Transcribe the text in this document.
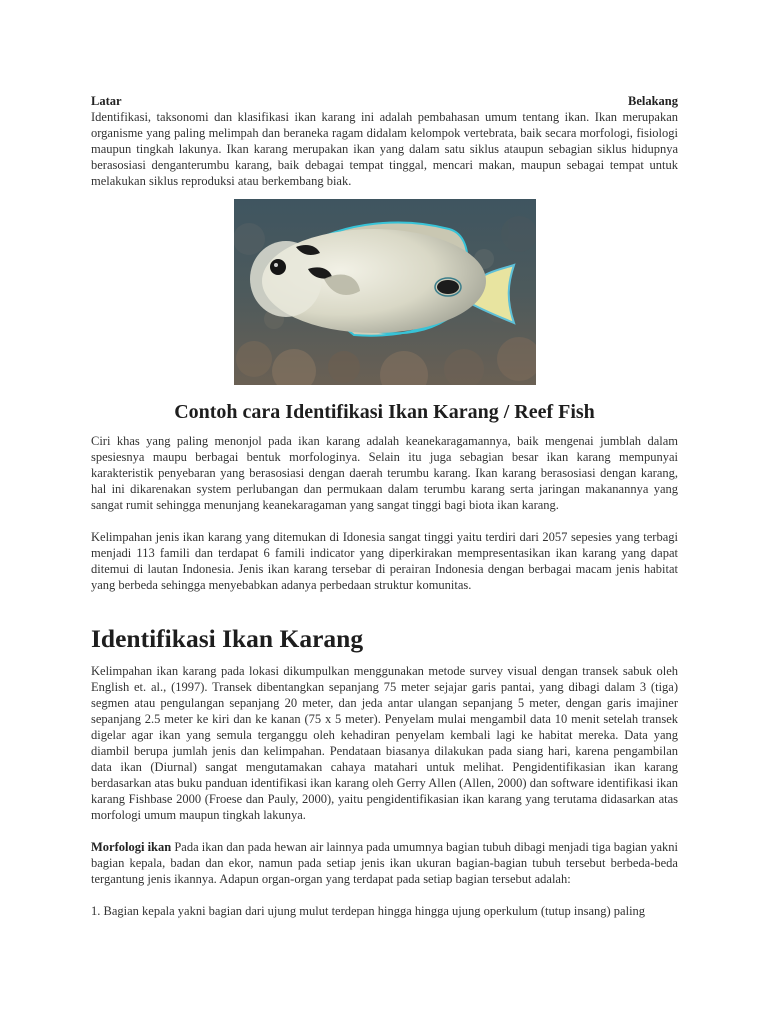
Latar	Belakang

Identifikasi, taksonomi dan klasifikasi ikan karang ini adalah pembahasan umum tentang ikan. Ikan merupakan organisme yang paling melimpah dan beraneka ragam didalam kelompok vertebrata, baik secara morfologi, fisiologi maupun tingkah lakunya. Ikan karang merupakan ikan yang dalam satu siklus ataupun sebagian siklus hidupnya berasosiasi denganterumbu karang, baik debagai tempat tinggal, mencari makan, maupun sebagai tempat untuk melakukan siklus reproduksi atau berkembang biak.

Contoh cara Identifikasi Ikan Karang / Reef Fish

Ciri khas yang paling menonjol pada ikan karang adalah keanekaragamannya, baik mengenai jumblah dalam spesiesnya maupu berbagai bentuk morfologinya. Selain itu juga sebagian besar ikan karang mempunyai karakteristik penyebaran yang berasosiasi dengan daerah terumbu karang. Ikan karang berasosiasi dengan karang, hal ini dikarenakan system perlubangan dan permukaan dalam terumbu karang serta jaringan makanannya yang sangat rumit sehingga menunjang keanekaragaman yang sangat tinggi bagi biota ikan karang.

Kelimpahan jenis ikan karang yang ditemukan di Idonesia sangat tinggi yaitu terdiri dari 2057 sepesies yang terbagi menjadi 113 famili dan terdapat 6 famili indicator yang diperkirakan mempresentasikan ikan karang yang dapat ditemui di lautan Indonesia. Jenis ikan karang tersebar di perairan Indonesia dengan berbagai macam jenis habitat yang berbeda sehingga menyebabkan adanya perbedaan struktur komunitas.

Identifikasi Ikan Karang

Kelimpahan ikan karang pada lokasi dikumpulkan menggunakan metode survey visual dengan transek sabuk oleh English et. al., (1997). Transek dibentangkan sepanjang 75 meter sejajar garis pantai, yang dibagi dalam 3 (tiga) segmen atau pengulangan sepanjang 20 meter, dan jeda antar ulangan sepanjang 5 meter, dengan garis imajiner sepanjang 2.5 meter ke kiri dan ke kanan (75 x 5 meter). Penyelam mulai mengambil data 10 menit setelah transek digelar agar ikan yang semula terganggu oleh kehadiran penyelam kembali lagi ke habitat mereka. Data yang diambil berupa jumlah jenis dan kelimpahan. Pendataan biasanya dilakukan pada siang hari, karena pengambilan data ikan (Diurnal) sangat mengutamakan cahaya matahari untuk melihat. Pengidentifikasian ikan karang berdasarkan atas buku panduan identifikasi ikan karang oleh Gerry Allen (Allen, 2000) dan software identifikasi ikan karang Fishbase 2000 (Froese dan Pauly, 2000), yaitu pengidentifikasian ikan karang yang terutama didasarkan atas morfologi umum maupun tingkah lakunya.

Morfologi ikan Pada ikan dan pada hewan air lainnya pada umumnya bagian tubuh dibagi menjadi tiga bagian yakni bagian kepala, badan dan ekor, namun pada setiap jenis ikan ukuran bagian-bagian tubuh tersebut berbeda-beda tergantung jenis ikannya. Adapun organ-organ yang terdapat pada setiap bagian tersebut adalah:

1. Bagian kepala yakni bagian dari ujung mulut terdepan hingga hingga ujung operkulum (tutup insang) paling
